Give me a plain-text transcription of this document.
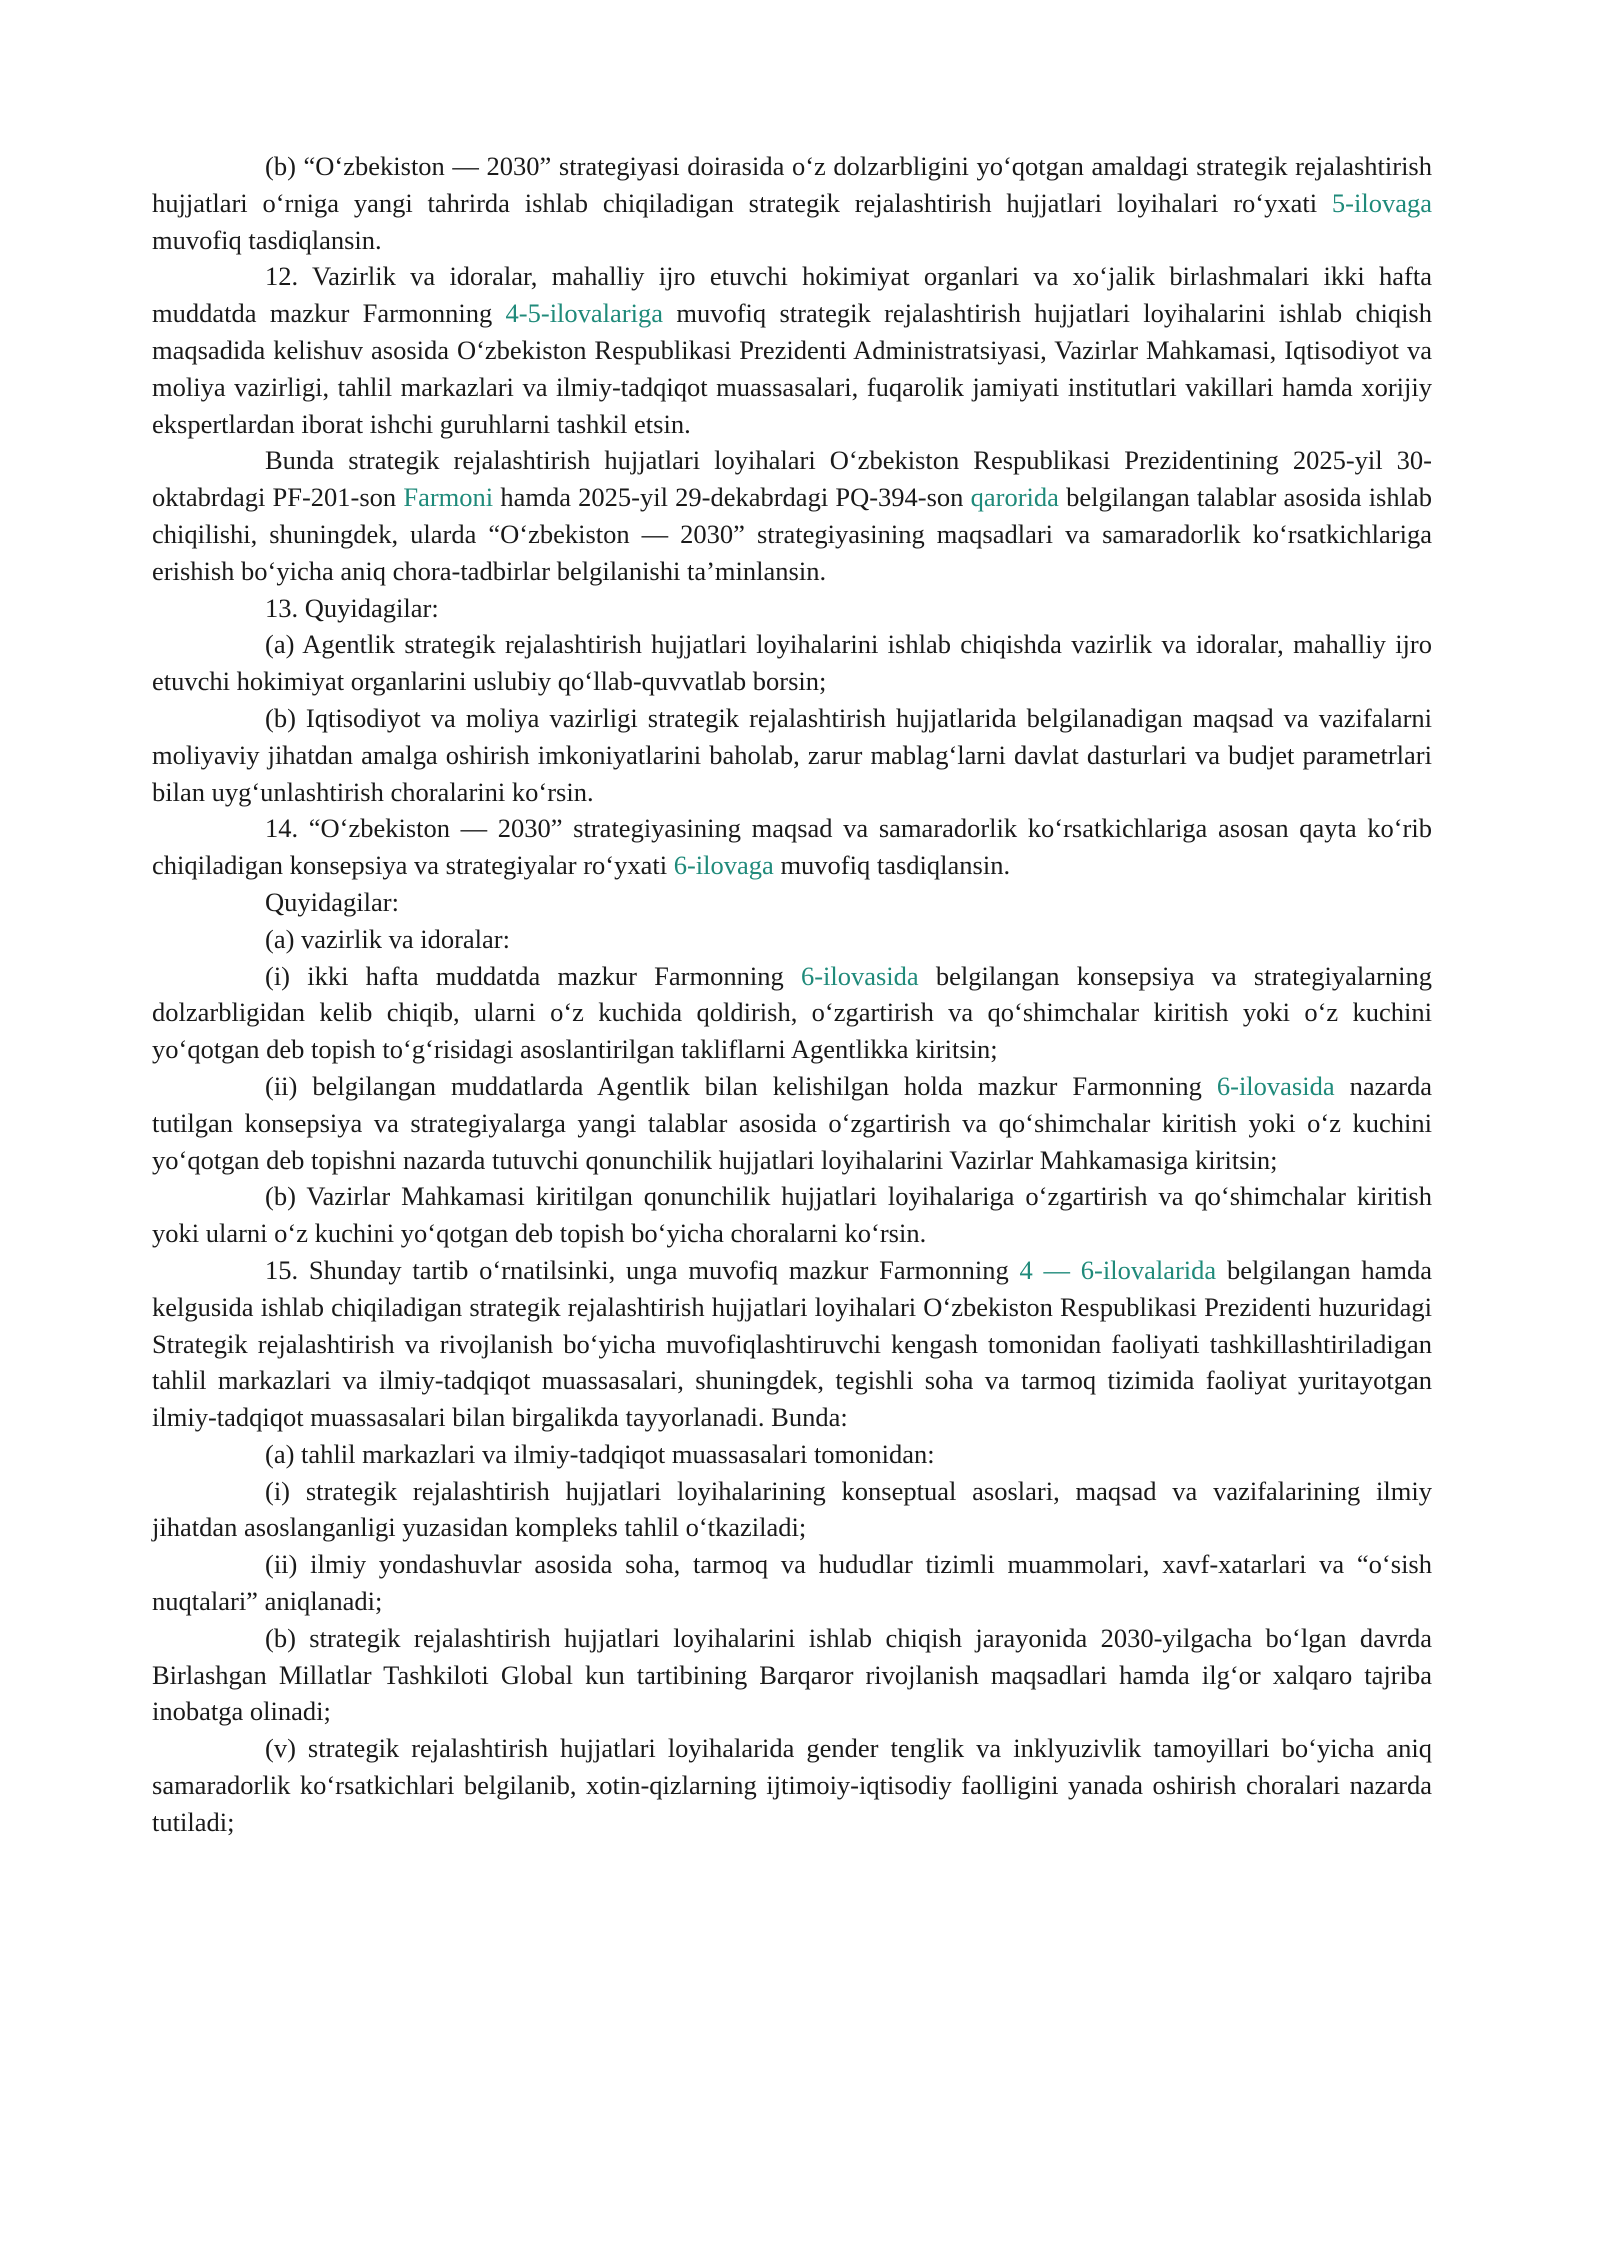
(b) “Oʻzbekiston — 2030” strategiyasi doirasida oʻz dolzarbligini yoʻqotgan amaldagi strategik rejalashtirish hujjatlari oʻrniga yangi tahrirda ishlab chiqiladigan strategik rejalashtirish hujjatlari loyihalari roʻyxati 5-ilovaga muvofiq tasdiqlansin.

12. Vazirlik va idoralar, mahalliy ijro etuvchi hokimiyat organlari va xoʻjalik birlashmalari ikki hafta muddatda mazkur Farmonning 4-5-ilovalariga muvofiq strategik rejalashtirish hujjatlari loyihalarini ishlab chiqish maqsadida kelishuv asosida Oʻzbekiston Respublikasi Prezidenti Administratsiyasi, Vazirlar Mahkamasi, Iqtisodiyot va moliya vazirligi, tahlil markazlari va ilmiy-tadqiqot muassasalari, fuqarolik jamiyati institutlari vakillari hamda xorijiy ekspertlardan iborat ishchi guruhlarni tashkil etsin.

Bunda strategik rejalashtirish hujjatlari loyihalari Oʻzbekiston Respublikasi Prezidentining 2025-yil 30-oktabrdagi PF-201-son Farmoni hamda 2025-yil 29-dekabrdagi PQ-394-son qarorida belgilangan talablar asosida ishlab chiqilishi, shuningdek, ularda “Oʻzbekiston — 2030” strategiyasining maqsadlari va samaradorlik koʻrsatkichlariga erishish boʻyicha aniq chora-tadbirlar belgilanishi taʼminlansin.

13. Quyidagilar:

(a) Agentlik strategik rejalashtirish hujjatlari loyihalarini ishlab chiqishda vazirlik va idoralar, mahalliy ijro etuvchi hokimiyat organlarini uslubiy qoʻllab-quvvatlab borsin;

(b) Iqtisodiyot va moliya vazirligi strategik rejalashtirish hujjatlarida belgilanadigan maqsad va vazifalarni moliyaviy jihatdan amalga oshirish imkoniyatlarini baholab, zarur mablagʻlarni davlat dasturlari va budjet parametrlari bilan uygʻunlashtirish choralarini koʻrsin.

14. “Oʻzbekiston — 2030” strategiyasining maqsad va samaradorlik koʻrsatkichlariga asosan qayta koʻrib chiqiladigan konsepsiya va strategiyalar roʻyxati 6-ilovaga muvofiq tasdiqlansin.

Quyidagilar:

(a) vazirlik va idoralar:

(i) ikki hafta muddatda mazkur Farmonning 6-ilovasida belgilangan konsepsiya va strategiyalarning dolzarbligidan kelib chiqib, ularni oʻz kuchida qoldirish, oʻzgartirish va qoʻshimchalar kiritish yoki oʻz kuchini yoʻqotgan deb topish toʻgʻrisidagi asoslantirilgan takliflarni Agentlikka kiritsin;

(ii) belgilangan muddatlarda Agentlik bilan kelishilgan holda mazkur Farmonning 6-ilovasida nazarda tutilgan konsepsiya va strategiyalarga yangi talablar asosida oʻzgartirish va qoʻshimchalar kiritish yoki oʻz kuchini yoʻqotgan deb topishni nazarda tutuvchi qonunchilik hujjatlari loyihalarini Vazirlar Mahkamasiga kiritsin;

(b) Vazirlar Mahkamasi kiritilgan qonunchilik hujjatlari loyihalariga oʻzgartirish va qoʻshimchalar kiritish yoki ularni oʻz kuchini yoʻqotgan deb topish boʻyicha choralarni koʻrsin.

15. Shunday tartib oʻrnatilsinki, unga muvofiq mazkur Farmonning 4 — 6-ilovalarida belgilangan hamda kelgusida ishlab chiqiladigan strategik rejalashtirish hujjatlari loyihalari Oʻzbekiston Respublikasi Prezidenti huzuridagi Strategik rejalashtirish va rivojlanish boʻyicha muvofiqlashtiruvchi kengash tomonidan faoliyati tashkillashtiriladigan tahlil markazlari va ilmiy-tadqiqot muassasalari, shuningdek, tegishli soha va tarmoq tizimida faoliyat yuritayotgan ilmiy-tadqiqot muassasalari bilan birgalikda tayyorlanadi. Bunda:

(a) tahlil markazlari va ilmiy-tadqiqot muassasalari tomonidan:

(i) strategik rejalashtirish hujjatlari loyihalarining konseptual asoslari, maqsad va vazifalarining ilmiy jihatdan asoslanganligi yuzasidan kompleks tahlil oʻtkaziladi;

(ii) ilmiy yondashuvlar asosida soha, tarmoq va hududlar tizimli muammolari, xavf-xatarlari va “oʻsish nuqtalari” aniqlanadi;

(b) strategik rejalashtirish hujjatlari loyihalarini ishlab chiqish jarayonida 2030-yilgacha boʻlgan davrda Birlashgan Millatlar Tashkiloti Global kun tartibining Barqaror rivojlanish maqsadlari hamda ilgʻor xalqaro tajriba inobatga olinadi;

(v) strategik rejalashtirish hujjatlari loyihalarida gender tenglik va inklyuzivlik tamoyillari boʻyicha aniq samaradorlik koʻrsatkichlari belgilanib, xotin-qizlarning ijtimoiy-iqtisodiy faolligini yanada oshirish choralari nazarda tutiladi;
